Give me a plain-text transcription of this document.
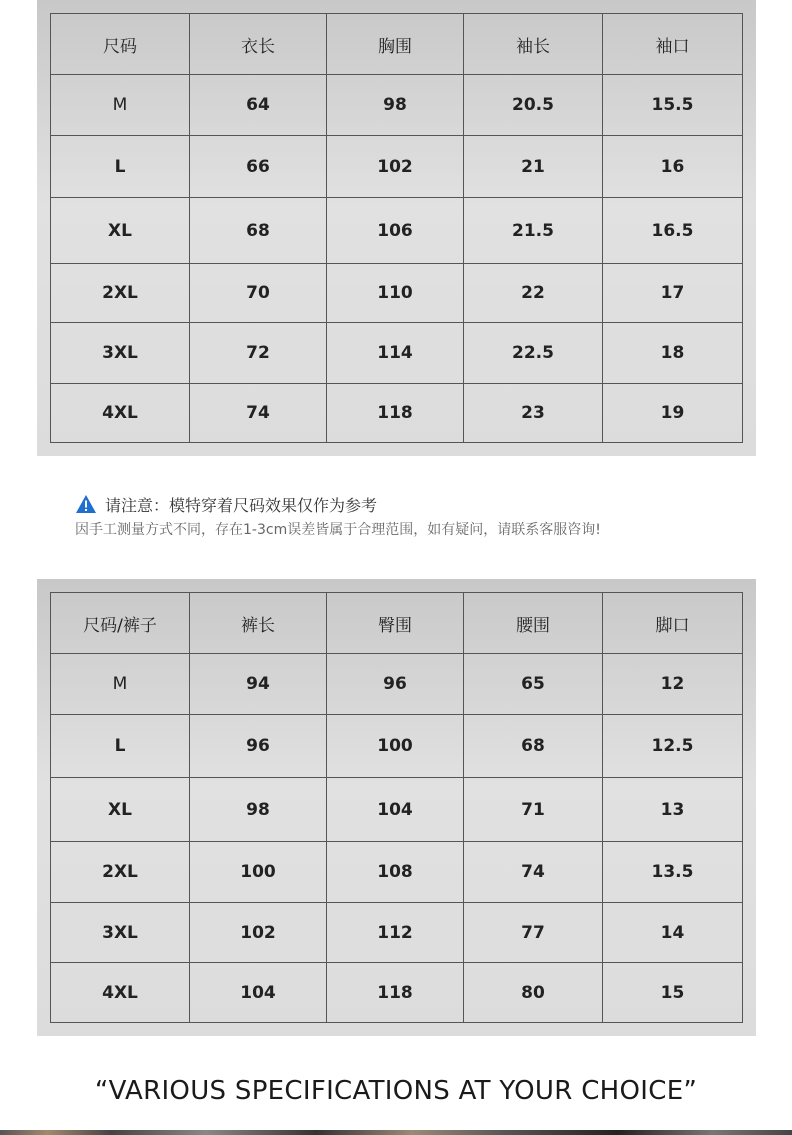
尺码	衣长	胸围	袖长	袖口
M	64	98	20.5	15.5
L	66	102	21	16
XL	68	106	21.5	16.5
2XL	70	110	22	17
3XL	72	114	22.5	18
4XL	74	118	23	19
请注意：模特穿着尺码效果仅作为参考
因手工测量方式不同，存在1-3cm误差皆属于合理范围，如有疑问，请联系客服咨询!
尺码/裤子	裤长	臀围	腰围	脚口
M	94	96	65	12
L	96	100	68	12.5
XL	98	104	71	13
2XL	100	108	74	13.5
3XL	102	112	77	14
4XL	104	118	80	15
“VARIOUS SPECIFICATIONS AT YOUR CHOICE”
